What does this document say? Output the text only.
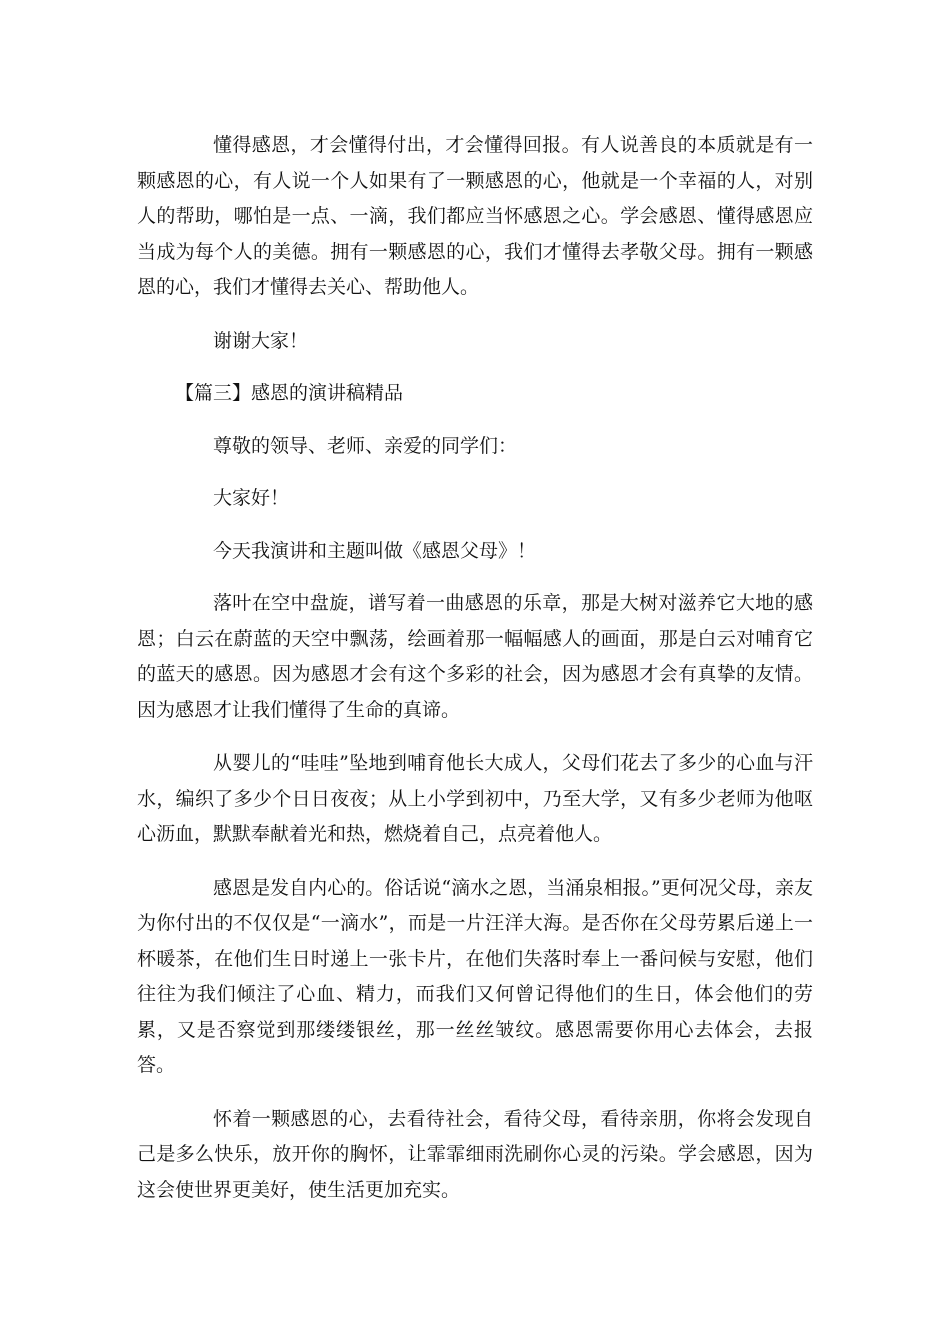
懂得感恩，才会懂得付出，才会懂得回报。有人说善良的本质就是有一颗感恩的心，有人说一个人如果有了一颗感恩的心，他就是一个幸福的人，对别人的帮助，哪怕是一点、一滴，我们都应当怀感恩之心。学会感恩、懂得感恩应当成为每个人的美德。拥有一颗感恩的心，我们才懂得去孝敬父母。拥有一颗感恩的心，我们才懂得去关心、帮助他人。

谢谢大家！

【篇三】感恩的演讲稿精品

尊敬的领导、老师、亲爱的同学们：

大家好！

今天我演讲和主题叫做《感恩父母》！

落叶在空中盘旋，谱写着一曲感恩的乐章，那是大树对滋养它大地的感恩；白云在蔚蓝的天空中飘荡，绘画着那一幅幅感人的画面，那是白云对哺育它的蓝天的感恩。因为感恩才会有这个多彩的社会，因为感恩才会有真挚的友情。因为感恩才让我们懂得了生命的真谛。

从婴儿的“哇哇”坠地到哺育他长大成人，父母们花去了多少的心血与汗水，编织了多少个日日夜夜；从上小学到初中，乃至大学，又有多少老师为他呕心沥血，默默奉献着光和热，燃烧着自己，点亮着他人。

感恩是发自内心的。俗话说“滴水之恩，当涌泉相报。”更何况父母，亲友为你付出的不仅仅是“一滴水”，而是一片汪洋大海。是否你在父母劳累后递上一杯暖茶，在他们生日时递上一张卡片，在他们失落时奉上一番问候与安慰，他们往往为我们倾注了心血、精力，而我们又何曾记得他们的生日，体会他们的劳累，又是否察觉到那缕缕银丝，那一丝丝皱纹。感恩需要你用心去体会，去报答。

怀着一颗感恩的心，去看待社会，看待父母，看待亲朋，你将会发现自己是多么快乐，放开你的胸怀，让霏霏细雨洗刷你心灵的污染。学会感恩，因为这会使世界更美好，使生活更加充实。
